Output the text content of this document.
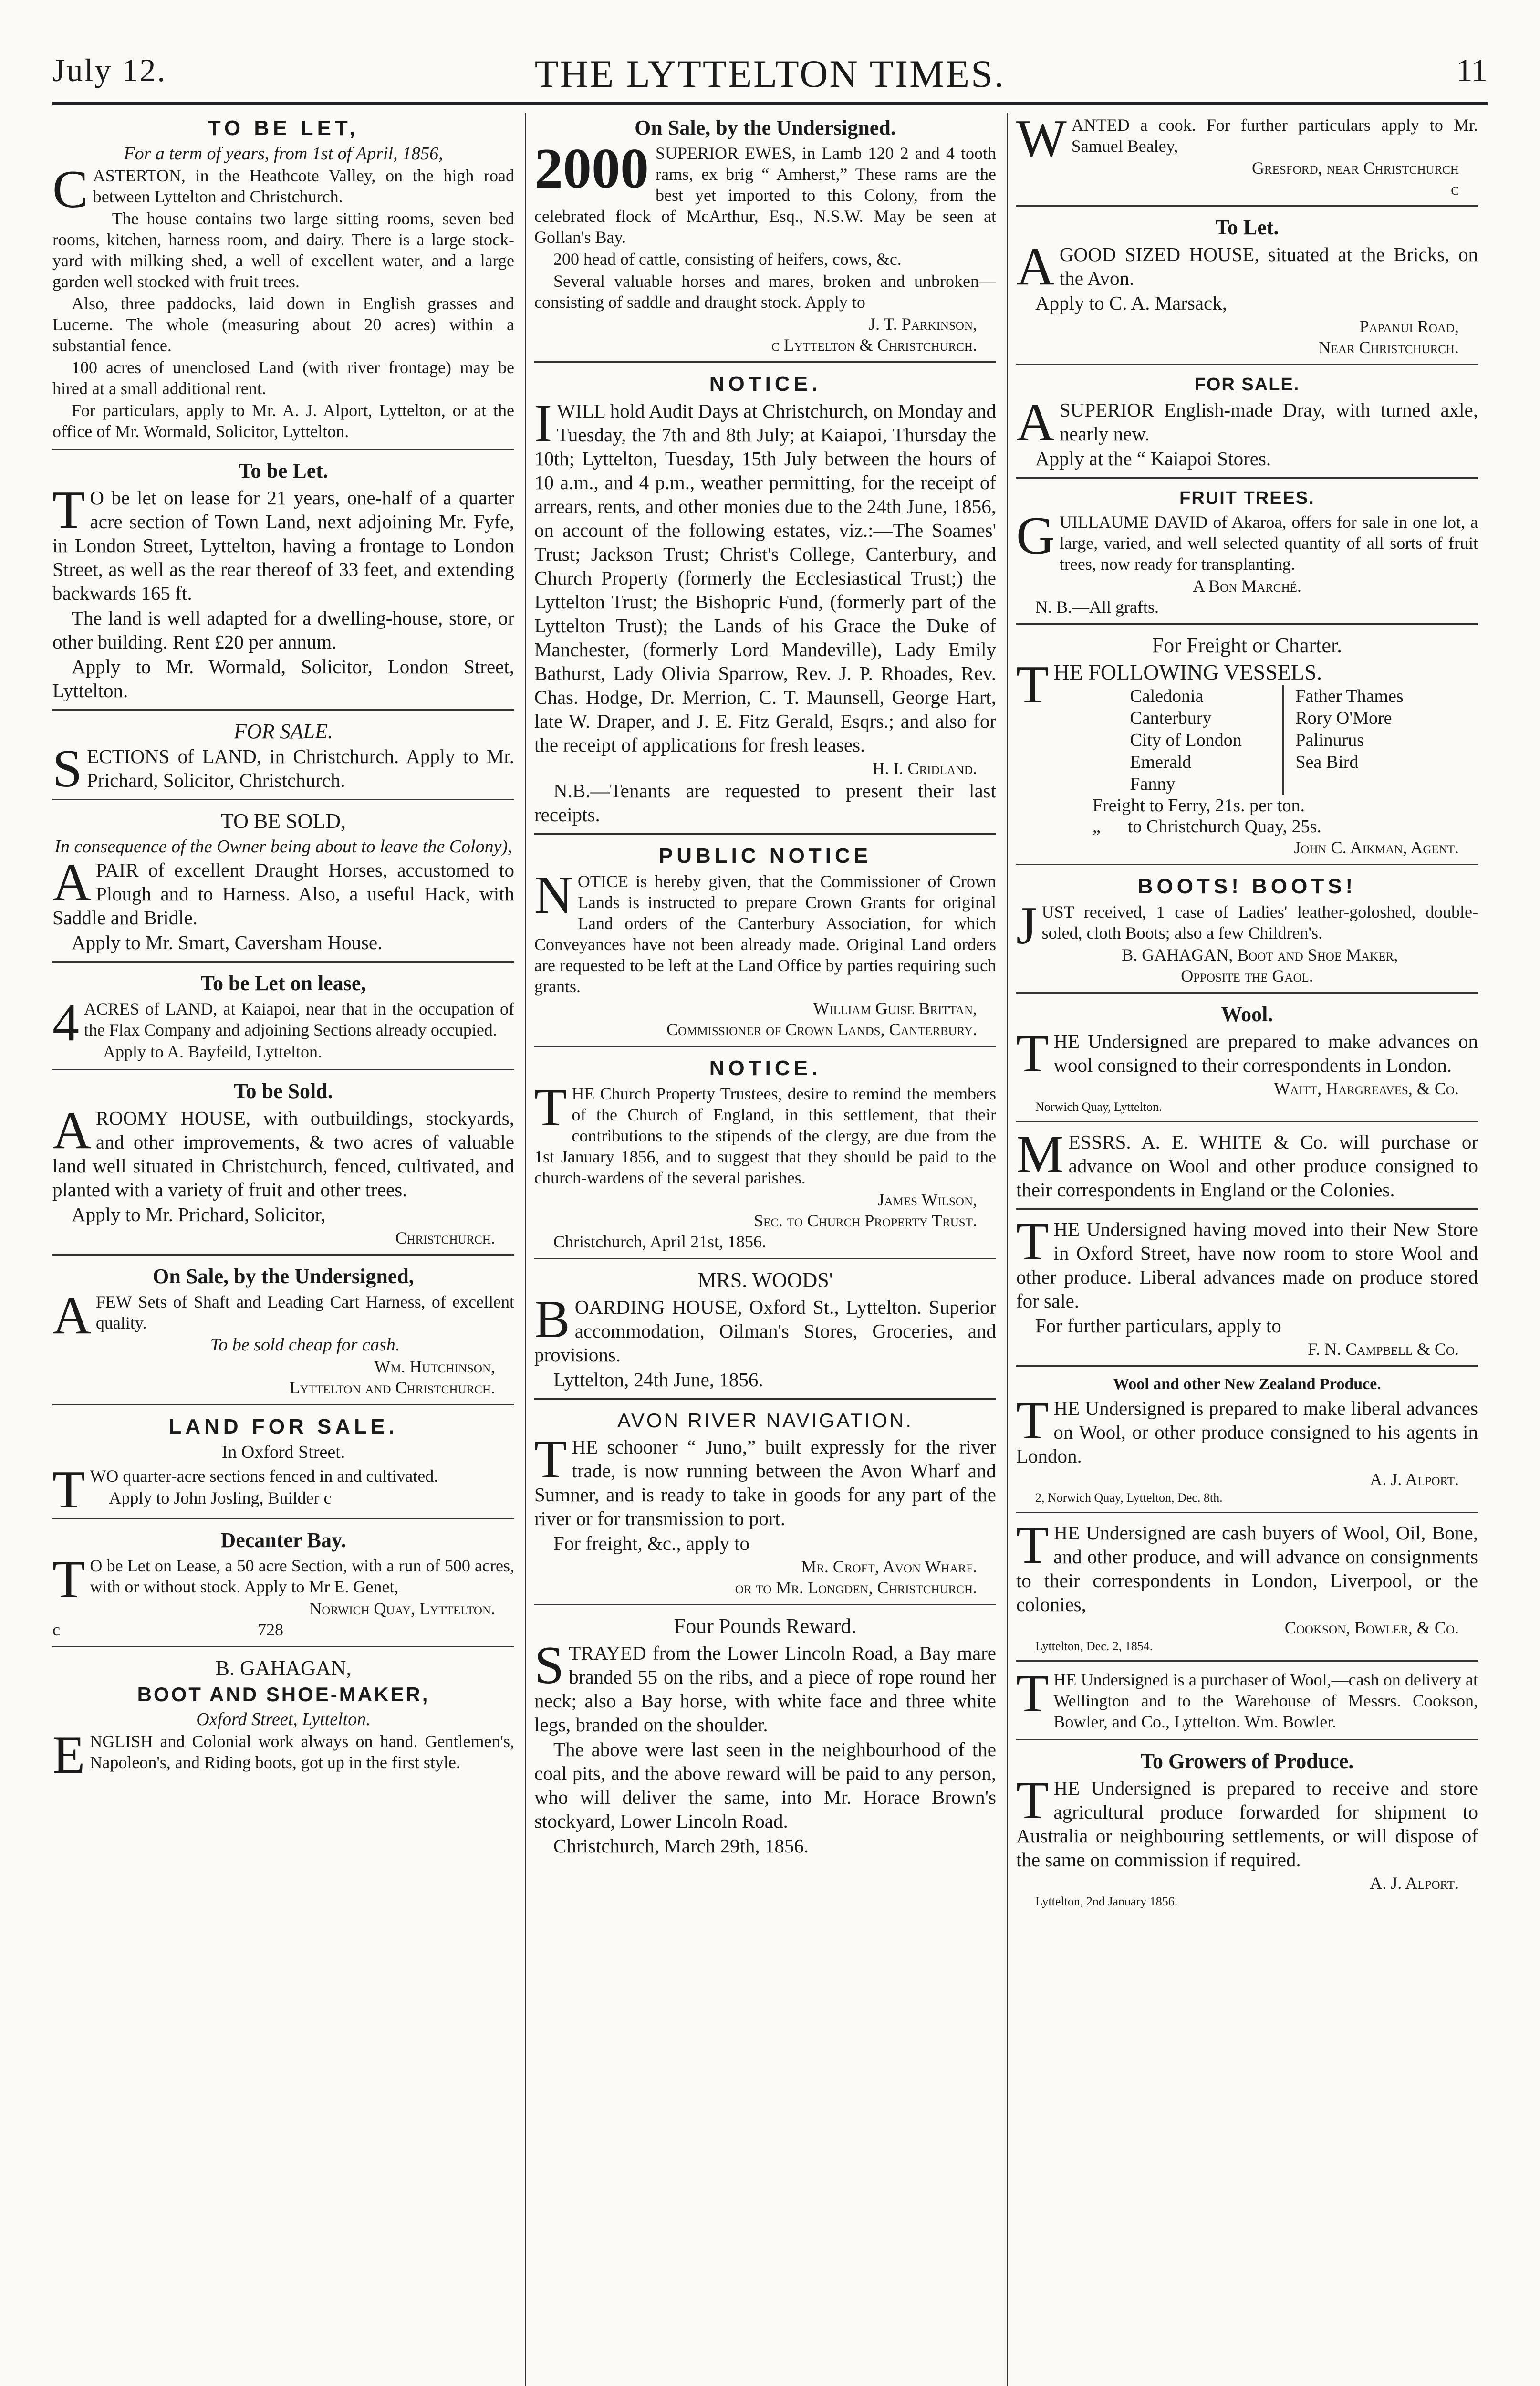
July 12.	THE LYTTELTON TIMES.	11
TO BE LET,
For a term of years, from 1st of April, 1856,
C ASTERTON, in the Heathcote Valley, on the high road between Lyttelton and Christchurch.

The house contains two large sitting rooms, seven bed rooms, kitchen, harness room, and dairy. There is a large stock-yard with milking shed, a well of excellent water, and a large garden well stocked with fruit trees.

Also, three paddocks, laid down in English grasses and Lucerne. The whole (measuring about 20 acres) within a substantial fence.

100 acres of unenclosed Land (with river frontage) may be hired at a small additional rent.

For particulars, apply to Mr. A. J. Alport, Lyttelton, or at the office of Mr. Wormald, Solicitor, Lyttelton.

To be Let.
T O be let on lease for 21 years, one-half of a quarter acre section of Town Land, next adjoining Mr. Fyfe, in London Street, Lyttelton, having a frontage to London Street, as well as the rear thereof of 33 feet, and extending backwards 165 ft.

The land is well adapted for a dwelling-house, store, or other building. Rent £20 per annum.

Apply to Mr. Wormald, Solicitor, London Street, Lyttelton.

FOR SALE.
S ECTIONS of LAND, in Christchurch. Apply to Mr. Prichard, Solicitor, Christchurch.

TO BE SOLD,
In consequence of the Owner being about to leave the Colony),
A PAIR of excellent Draught Horses, accustomed to Plough and to Harness. Also, a useful Hack, with Saddle and Bridle.

Apply to Mr. Smart, Caversham House.

To be Let on lease,
4 ACRES of LAND, at Kaiapoi, near that in the occupation of the Flax Company and adjoining Sections already occupied.

Apply to A. Bayfeild, Lyttelton.

To be Sold.
A ROOMY HOUSE, with outbuildings, stockyards, and other improvements, & two acres of valuable land well situated in Christchurch, fenced, cultivated, and planted with a variety of fruit and other trees.

Apply to Mr. Prichard, Solicitor,

Christchurch.
On Sale, by the Undersigned,
A FEW Sets of Shaft and Leading Cart Harness, of excellent quality.

To be sold cheap for cash.
Wm. Hutchinson,
Lyttelton and Christchurch.
LAND FOR SALE.
In Oxford Street.
T WO quarter-acre sections fenced in and cultivated.

Apply to John Josling, Builder c

Decanter Bay.
T O be Let on Lease, a 50 acre Section, with a run of 500 acres, with or without stock. Apply to Mr E. Genet,

Norwich Quay, Lyttelton.
c                                              728
B. GAHAGAN,
BOOT AND SHOE-MAKER,
Oxford Street, Lyttelton.
E NGLISH and Colonial work always on hand. Gentlemen's, Napoleon's, and Riding boots, got up in the first style.

On Sale, by the Undersigned.
2000 SUPERIOR EWES, in Lamb 120 2 and 4 tooth rams, ex brig “ Amherst,” These rams are the best yet imported to this Colony, from the celebrated flock of McArthur, Esq., N.S.W. May be seen at Gollan's Bay.

200 head of cattle, consisting of heifers, cows, &c.

Several valuable horses and mares, broken and unbroken—consisting of saddle and draught stock. Apply to

J. T. Parkinson,
c Lyttelton & Christchurch.
NOTICE.
I WILL hold Audit Days at Christchurch, on Monday and Tuesday, the 7th and 8th July; at Kaiapoi, Thursday the 10th; Lyttelton, Tuesday, 15th July between the hours of 10 a.m., and 4 p.m., weather permitting, for the receipt of arrears, rents, and other monies due to the 24th June, 1856, on account of the following estates, viz.:—The Soames' Trust; Jackson Trust; Christ's College, Canterbury, and Church Property (formerly the Ecclesiastical Trust;) the Lyttelton Trust; the Bishopric Fund, (formerly part of the Lyttelton Trust); the Lands of his Grace the Duke of Manchester, (formerly Lord Mandeville), Lady Emily Bathurst, Lady Olivia Sparrow, Rev. J. P. Rhoades, Rev. Chas. Hodge, Dr. Merrion, C. T. Maunsell, George Hart, late W. Draper, and J. E. Fitz Gerald, Esqrs.; and also for the receipt of applications for fresh leases.

H. I. Cridland.

N.B.—Tenants are requested to present their last receipts.

PUBLIC NOTICE
N OTICE is hereby given, that the Commissioner of Crown Lands is instructed to prepare Crown Grants for original Land orders of the Canterbury Association, for which Conveyances have not been already made. Original Land orders are requested to be left at the Land Office by parties requiring such grants.

William Guise Brittan,
Commissioner of Crown Lands, Canterbury.
NOTICE.
T HE Church Property Trustees, desire to remind the members of the Church of England, in this settlement, that their contributions to the stipends of the clergy, are due from the 1st January 1856, and to suggest that they should be paid to the church-wardens of the several parishes.

James Wilson,
Sec. to Church Property Trust.
Christchurch, April 21st, 1856.
MRS. WOODS'
B OARDING HOUSE, Oxford St., Lyttelton. Superior accommodation, Oilman's Stores, Groceries, and provisions.

Lyttelton, 24th June, 1856.

AVON RIVER NAVIGATION.
T HE schooner “ Juno,” built expressly for the river trade, is now running between the Avon Wharf and Sumner, and is ready to take in goods for any part of the river or for transmission to port.

For freight, &c., apply to

Mr. Croft, Avon Wharf.
or to Mr. Longden, Christchurch.
Four Pounds Reward.
S TRAYED from the Lower Lincoln Road, a Bay mare branded 55 on the ribs, and a piece of rope round her neck; also a Bay horse, with white face and three white legs, branded on the shoulder.

The above were last seen in the neighbourhood of the coal pits, and the above reward will be paid to any person, who will deliver the same, into Mr. Horace Brown's stockyard, Lower Lincoln Road.

Christchurch, March 29th, 1856.

W ANTED a cook. For further particulars apply to Mr. Samuel Bealey,

Gresford, near Christchurch
c
To Let.
A GOOD SIZED HOUSE, situated at the Bricks, on the Avon.

Apply to C. A. Marsack,

Papanui Road,
Near Christchurch.
FOR SALE.
A SUPERIOR English-made Dray, with turned axle, nearly new.

Apply at the “ Kaiapoi Stores.

FRUIT TREES.
G UILLAUME DAVID of Akaroa, offers for sale in one lot, a large, varied, and well selected quantity of all sorts of fruit trees, now ready for transplanting.

A Bon Marché.
N. B.—All grafts.
For Freight or Charter.
T HE FOLLOWING VESSELS.

Caledonia
Canterbury
City of London
Emerald
Fanny
Father Thames
Rory O'More
Palinurus
Sea Bird
Freight to Ferry, 21s. per ton.
„      to Christchurch Quay, 25s.
John C. Aikman, Agent.
BOOTS! BOOTS!
J UST received, 1 case of Ladies' leather-goloshed, double-soled, cloth Boots; also a few Children's.

B. GAHAGAN, Boot and Shoe Maker,
Opposite the Gaol.
Wool.
T HE Undersigned are prepared to make advances on wool consigned to their correspondents in London.

Waitt, Hargreaves, & Co.
Norwich Quay, Lyttelton.
M ESSRS. A. E. WHITE & Co. will purchase or advance on Wool and other produce consigned to their correspondents in England or the Colonies.

T HE Undersigned having moved into their New Store in Oxford Street, have now room to store Wool and other produce. Liberal advances made on produce stored for sale.

For further particulars, apply to

F. N. Campbell & Co.
Wool and other New Zealand Produce.
T HE Undersigned is prepared to make liberal advances on Wool, or other produce consigned to his agents in London.

A. J. Alport.
2, Norwich Quay, Lyttelton, Dec. 8th.
T HE Undersigned are cash buyers of Wool, Oil, Bone, and other produce, and will advance on consignments to their correspondents in London, Liverpool, or the colonies,

Cookson, Bowler, & Co.
Lyttelton, Dec. 2, 1854.
T HE Undersigned is a purchaser of Wool,—cash on delivery at Wellington and to the Warehouse of Messrs. Cookson, Bowler, and Co., Lyttelton. Wm. Bowler.

To Growers of Produce.
T HE Undersigned is prepared to receive and store agricultural produce forwarded for shipment to Australia or neighbouring settlements, or will dispose of the same on commission if required.

A. J. Alport.
Lyttelton, 2nd January 1856.
